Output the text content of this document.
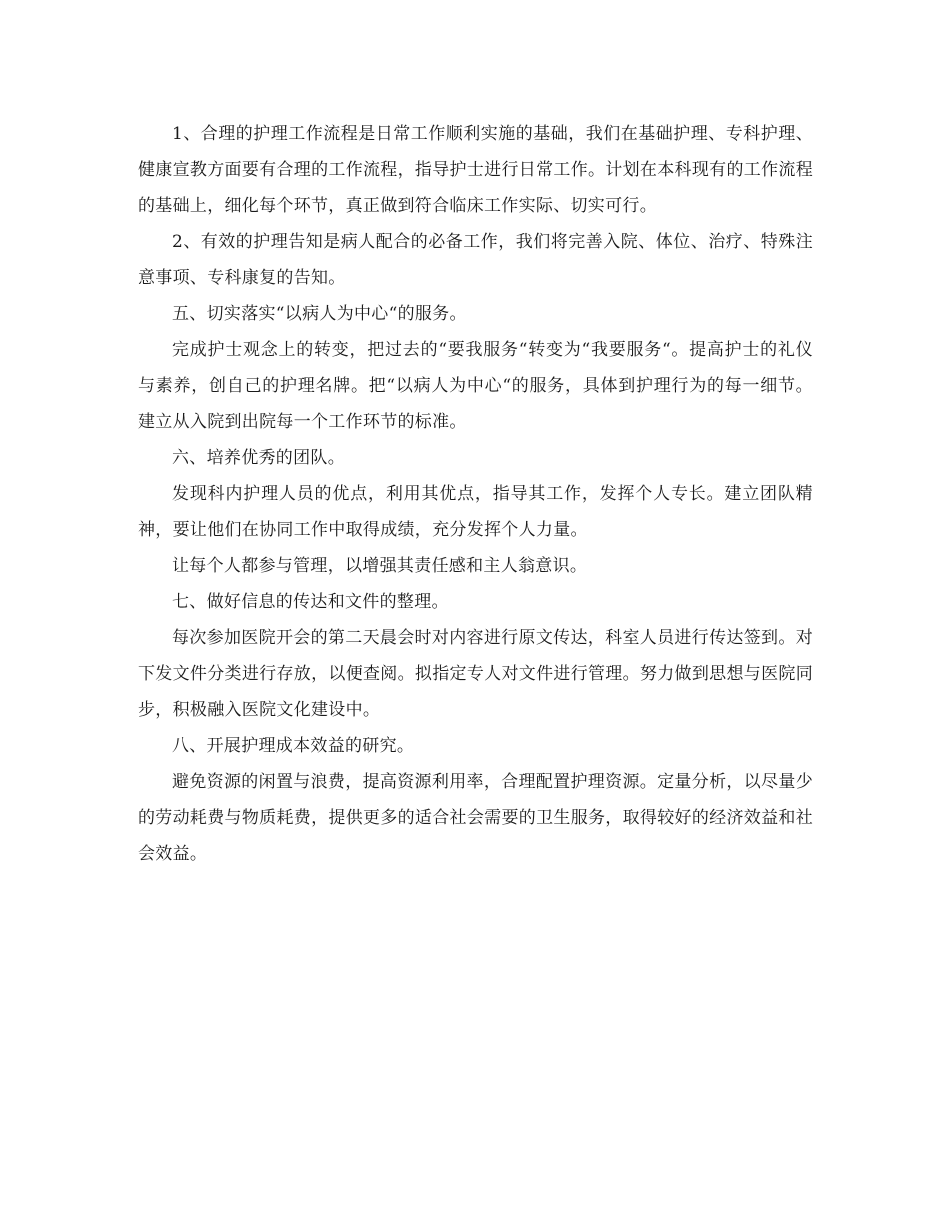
1、合理的护理工作流程是日常工作顺利实施的基础，我们在基础护理、专科护理、健康宣教方面要有合理的工作流程，指导护士进行日常工作。计划在本科现有的工作流程的基础上，细化每个环节，真正做到符合临床工作实际、切实可行。

2、有效的护理告知是病人配合的必备工作，我们将完善入院、体位、治疗、特殊注意事项、专科康复的告知。

五、切实落实“以病人为中心“的服务。

完成护士观念上的转变，把过去的“要我服务“转变为“我要服务“。提高护士的礼仪与素养，创自己的护理名牌。把“以病人为中心“的服务，具体到护理行为的每一细节。建立从入院到出院每一个工作环节的标准。

六、培养优秀的团队。

发现科内护理人员的优点，利用其优点，指导其工作，发挥个人专长。建立团队精神，要让他们在协同工作中取得成绩，充分发挥个人力量。

让每个人都参与管理，以增强其责任感和主人翁意识。

七、做好信息的传达和文件的整理。

每次参加医院开会的第二天晨会时对内容进行原文传达，科室人员进行传达签到。对下发文件分类进行存放，以便查阅。拟指定专人对文件进行管理。努力做到思想与医院同步，积极融入医院文化建设中。

八、开展护理成本效益的研究。

避免资源的闲置与浪费，提高资源利用率，合理配置护理资源。定量分析，以尽量少的劳动耗费与物质耗费，提供更多的适合社会需要的卫生服务，取得较好的经济效益和社会效益。
